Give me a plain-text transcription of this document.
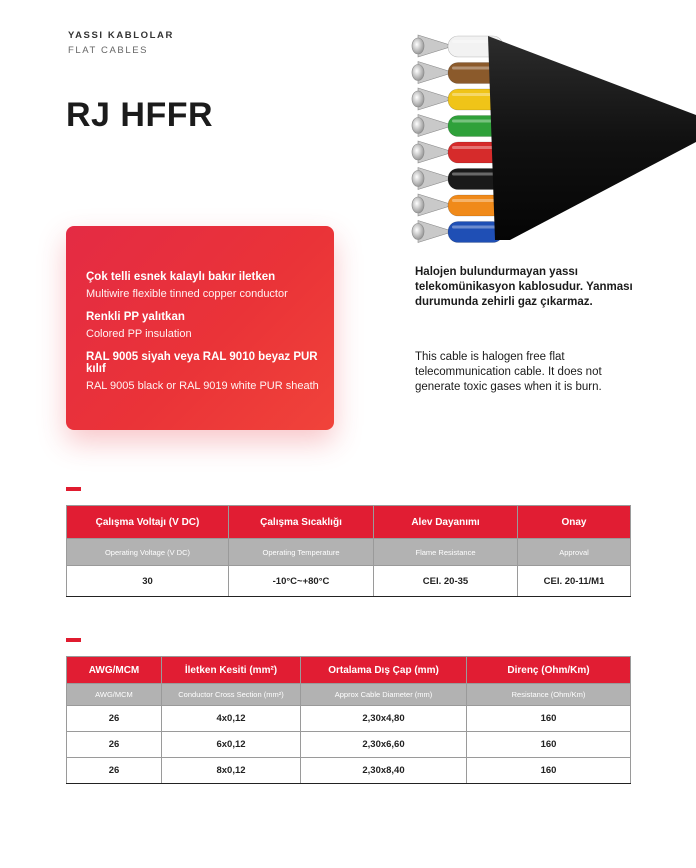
YASSI KABLOLAR
FLAT CABLES
RJ HFFR
Çok telli esnek kalaylı bakır iletken
Multiwire flexible tinned copper conductor
Renkli PP yalıtkan
Colored PP insulation
RAL 9005 siyah veya RAL 9010 beyaz PUR kılıf
RAL 9005 black or RAL 9019 white PUR sheath
Halojen bulundurmayan yassı telekomünikasyon kablosudur. Yanması durumunda zehirli gaz çıkarmaz.
This cable is halogen free flat telecommunication cable. It does not generate toxic gases when it is burn.
Çalışma Voltajı (V DC)	Çalışma Sıcaklığı	Alev Dayanımı	Onay
Operating Voltage (V DC)	Operating Temperature	Flame Resistance	Approval
30	-10°C~+80°C	CEI. 20-35	CEI. 20-11/M1
AWG/MCM	İletken Kesiti (mm²)	Ortalama Dış Çap (mm)	Direnç (Ohm/Km)
AWG/MCM	Conductor Cross Section (mm²)	Approx Cable Diameter (mm)	Resistance (Ohm/Km)
26	4x0,12	2,30x4,80	160
26	6x0,12	2,30x6,60	160
26	8x0,12	2,30x8,40	160
